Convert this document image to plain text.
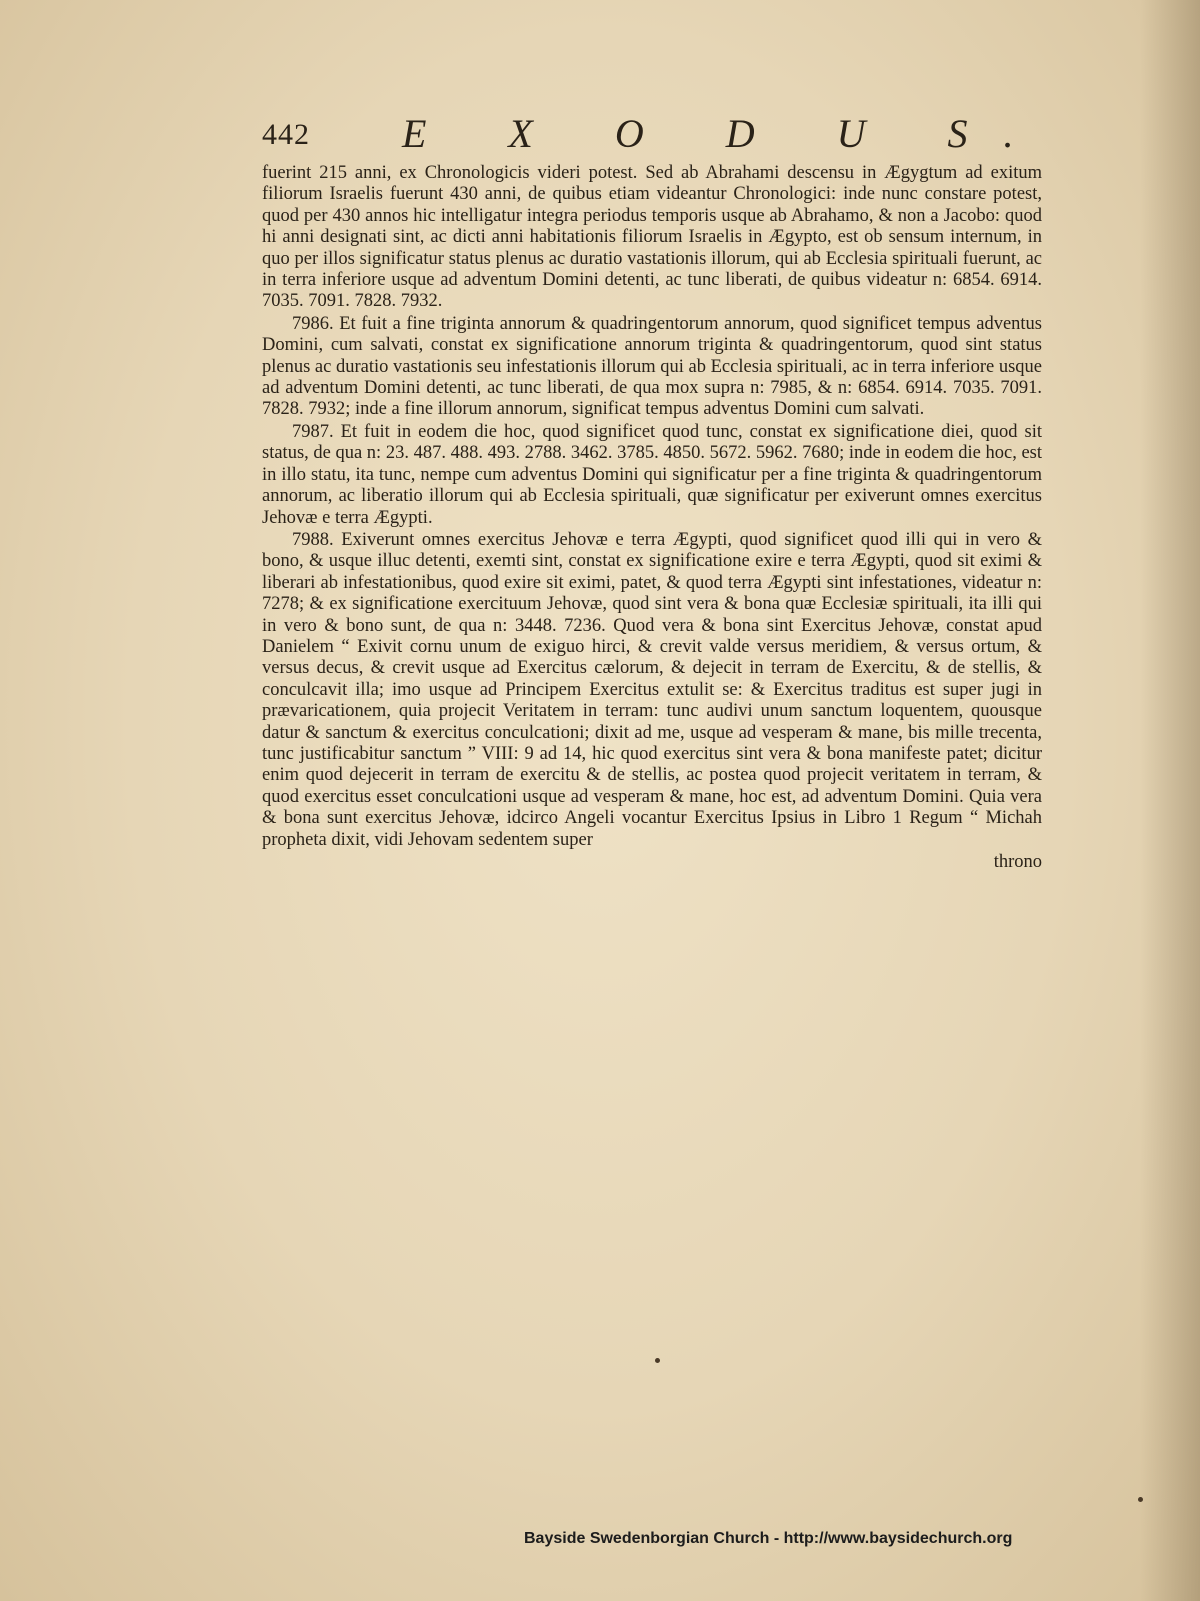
442 E X O D U S.

fuerint 215 anni, ex Chronologicis videri potest. Sed ab Abrahami descensu in Ægygtum ad exitum filiorum Israelis fuerunt 430 anni, de quibus etiam videantur Chronologici: inde nunc constare potest, quod per 430 annos hic intelligatur integra periodus temporis usque ab Abrahamo, & non a Jacobo: quod hi anni designati sint, ac dicti anni habitationis filiorum Israelis in Ægypto, est ob sensum internum, in quo per illos significatur status plenus ac duratio vastationis illorum, qui ab Ecclesia spirituali fuerunt, ac in terra inferiore usque ad adventum Domini detenti, ac tunc liberati, de quibus videatur n: 6854. 6914. 7035. 7091. 7828. 7932.

7986. Et fuit a fine triginta annorum & quadringentorum annorum, quod significet tempus adventus Domini, cum salvati, constat ex significatione annorum triginta & quadringentorum, quod sint status plenus ac duratio vastationis seu infestationis illorum qui ab Ecclesia spirituali, ac in terra inferiore usque ad adventum Domini detenti, ac tunc liberati, de qua mox supra n: 7985, & n: 6854. 6914. 7035. 7091. 7828. 7932; inde a fine illorum annorum, significat tempus adventus Domini cum salvati.

7987. Et fuit in eodem die hoc, quod significet quod tunc, constat ex significatione diei, quod sit status, de qua n: 23. 487. 488. 493. 2788. 3462. 3785. 4850. 5672. 5962. 7680; inde in eodem die hoc, est in illo statu, ita tunc, nempe cum adventus Domini qui significatur per a fine triginta & quadringentorum annorum, ac liberatio illorum qui ab Ecclesia spirituali, quæ significatur per exiverunt omnes exercitus Jehovæ e terra Ægypti.

7988. Exiverunt omnes exercitus Jehovæ e terra Ægypti, quod significet quod illi qui in vero & bono, & usque illuc detenti, exemti sint, constat ex significatione exire e terra Ægypti, quod sit eximi & liberari ab infestationibus, quod exire sit eximi, patet, & quod terra Ægypti sint infestationes, videatur n: 7278; & ex significatione exercituum Jehovæ, quod sint vera & bona quæ Ecclesiæ spirituali, ita illi qui in vero & bono sunt, de qua n: 3448. 7236. Quod vera & bona sint Exercitus Jehovæ, constat apud Danielem “ Exivit cornu unum de exiguo hirci, & crevit valde versus meridiem, & versus ortum, & versus decus, & crevit usque ad Exercitus cælorum, & dejecit in terram de Exercitu, & de stellis, & conculcavit illa; imo usque ad Principem Exercitus extulit se: & Exercitus traditus est super jugi in prævaricationem, quia projecit Veritatem in terram: tunc audivi unum sanctum loquentem, quousque datur & sanctum & exercitus conculcationi; dixit ad me, usque ad vesperam & mane, bis mille trecenta, tunc justificabitur sanctum ” VIII: 9 ad 14, hic quod exercitus sint vera & bona manifeste patet; dicitur enim quod dejecerit in terram de exercitu & de stellis, ac postea quod projecit veritatem in terram, & quod exercitus esset conculcationi usque ad vesperam & mane, hoc est, ad adventum Domini. Quia vera & bona sunt exercitus Jehovæ, idcirco Angeli vocantur Exercitus Ipsius in Libro 1 Regum “ Michah propheta dixit, vidi Jehovam sedentem super

throno
Bayside Swedenborgian Church - http://www.baysidechurch.org
